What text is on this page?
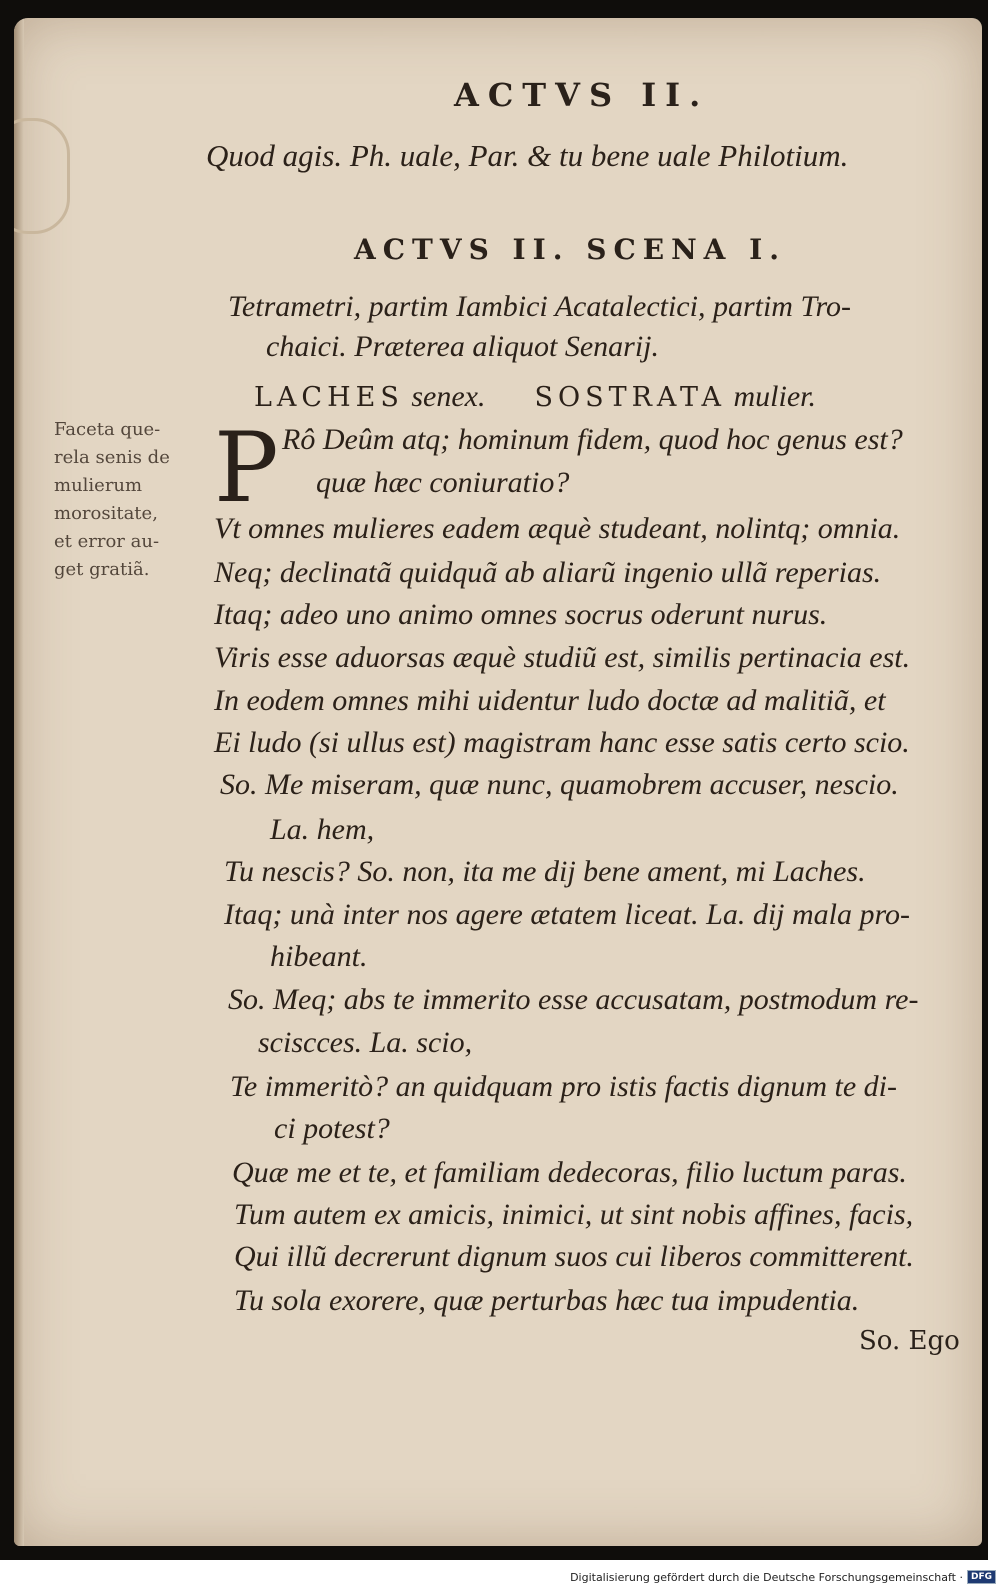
ACTVS II.
Quod agis. Ph. uale, Par. & tu bene uale Philotium.
ACTVS II. SCENA I.
Tetrametri, partim Iambici Acatalectici, partim Tro-
chaici. Præterea aliquot Senarij.
LACHES senex. SOSTRATA mulier.
Faceta que-
rela senis de
mulierum
morositate,
et error au-
get gratiã.
P Rô Deûm atq; hominum fidem, quod hoc genus est?
quæ hæc coniuratio?
Vt omnes mulieres eadem æquè studeant, nolintq; omnia.
Neq; declinatã quidquã ab aliarũ ingenio ullã reperias.
Itaq; adeo uno animo omnes socrus oderunt nurus.
Viris esse aduorsas æquè studiũ est, similis pertinacia est.
In eodem omnes mihi uidentur ludo doctæ ad malitiã, et
Ei ludo (si ullus est) magistram hanc esse satis certo scio.
So. Me miseram, quæ nunc, quamobrem accuser, nescio.
La. hem,
Tu nescis? So. non, ita me dij bene ament, mi Laches.
Itaq; unà inter nos agere ætatem liceat. La. dij mala pro-
hibeant.
So. Meq; abs te immerito esse accusatam, postmodum re-
sciscces. La. scio,
Te immeritò? an quidquam pro istis factis dignum te di-
ci potest?
Quæ me et te, et familiam dedecoras, filio luctum paras.
Tum autem ex amicis, inimici, ut sint nobis affines, facis,
Qui illũ decrerunt dignum suos cui liberos committerent.
Tu sola exorere, quæ perturbas hæc tua impudentia.
So. Ego
Digitalisierung gefördert durch die Deutsche Forschungsgemeinschaft · DFG
